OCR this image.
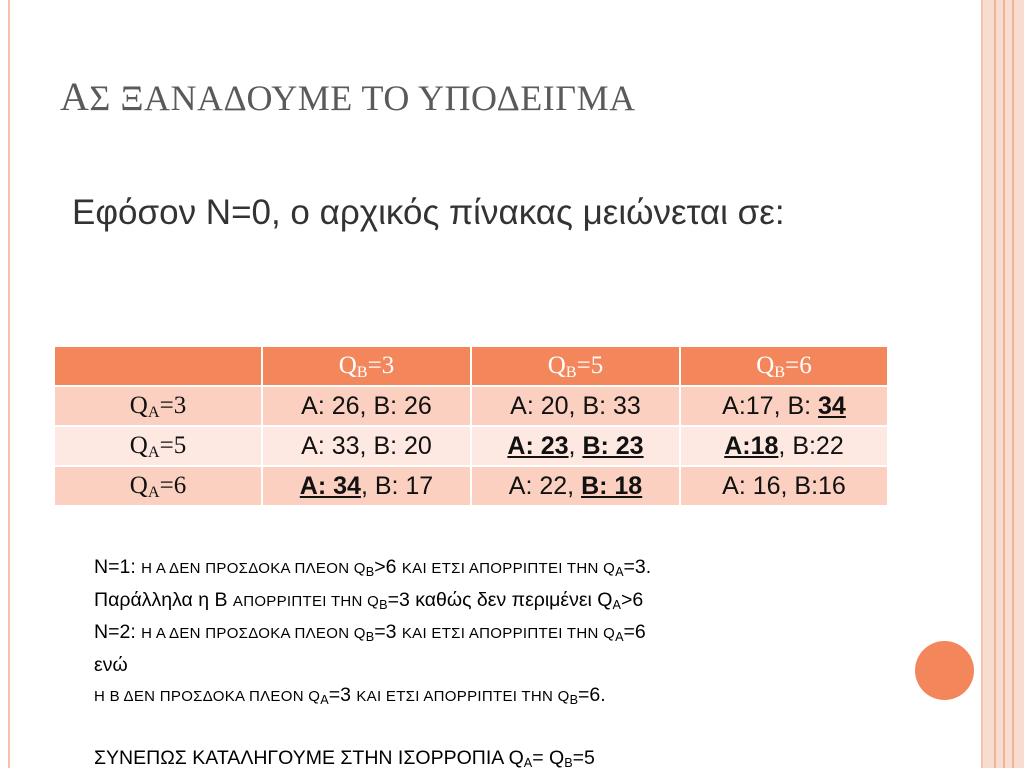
ΑΣ ΞΑΝΑΔΟΥΜΕ ΤΟ ΥΠΟΔΕΙΓΜΑ
Εφόσον Ν=0, ο αρχικός πίνακας μειώνεται σε:
	$Q_B=3$	$Q_B=5$	$Q_B=6$
$Q_A=3$	A: 26, B: 26	A: 20, B: 33	A:17, B: 34
$Q_A=5$	A: 33, B: 20	A: 23, B: 23	A:18, B:22
$Q_A=6$	A: 34, B: 17	A: 22, B: 18	A: 16, B:16
N=1: Η Α ΔΕΝ ΠΡΟΣΔΟΚΑ ΠΛΕΟΝ $Q_B>6$ ΚΑΙ ΕΤΣΙ ΑΠΟΡΡΙΠΤΕΙ ΤΗΝ $Q_A=3$.
Παράλληλα η Β ΑΠΟΡΡΙΠΤΕΙ ΤΗΝ $Q_B=3$ καθώς δεν περιμένει $Q_A>6$
N=2: Η Α ΔΕΝ ΠΡΟΣΔΟΚΑ ΠΛΕΟΝ $Q_B=3$ ΚΑΙ ΕΤΣΙ ΑΠΟΡΡΙΠΤΕΙ ΤΗΝ $Q_A=6$
ενώ
Η Β ΔΕΝ ΠΡΟΣΔΟΚΑ ΠΛΕΟΝ $Q_A=3$ ΚΑΙ ΕΤΣΙ ΑΠΟΡΡΙΠΤΕΙ ΤΗΝ $Q_B=6$.
ΣΥΝΕΠΩΣ ΚΑΤΑΛΗΓΟΥΜΕ ΣΤΗΝ ΙΣΟΡΡΟΠΙΑ $Q_A= Q_B=5$
